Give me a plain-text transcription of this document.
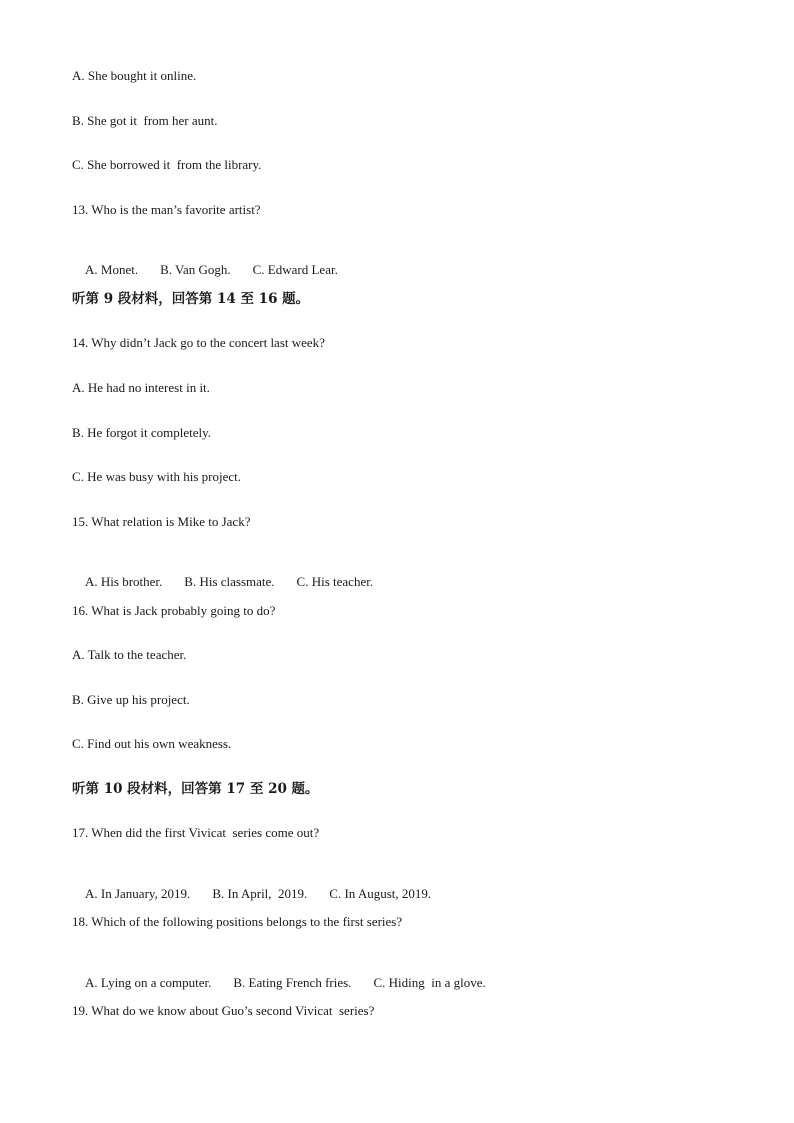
A. She bought it online.
B. She got it  from her aunt.
C. She borrowed it  from the library.
13. Who is the man’s favorite artist?

A. Monet. B. Van Gogh. C. Edward Lear.

听第 9 段材料，回答第 14 至 16 题。
14. Why didn’t Jack go to the concert last week?
A. He had no interest in it.
B. He forgot it completely.
C. He was busy with his project.
15. What relation is Mike to Jack?

A. His brother. B. His classmate. C. His teacher.

16. What is Jack probably going to do?
A. Talk to the teacher.
B. Give up his project.
C. Find out his own weakness.
听第 10 段材料，回答第 17 至 20 题。
17. When did the first Vivicat  series come out?

A. In January, 2019. B. In April,  2019. C. In August, 2019.

18. Which of the following positions belongs to the first series?

A. Lying on a computer. B. Eating French fries. C. Hiding  in a glove.

19. What do we know about Guo’s second Vivicat  series?
